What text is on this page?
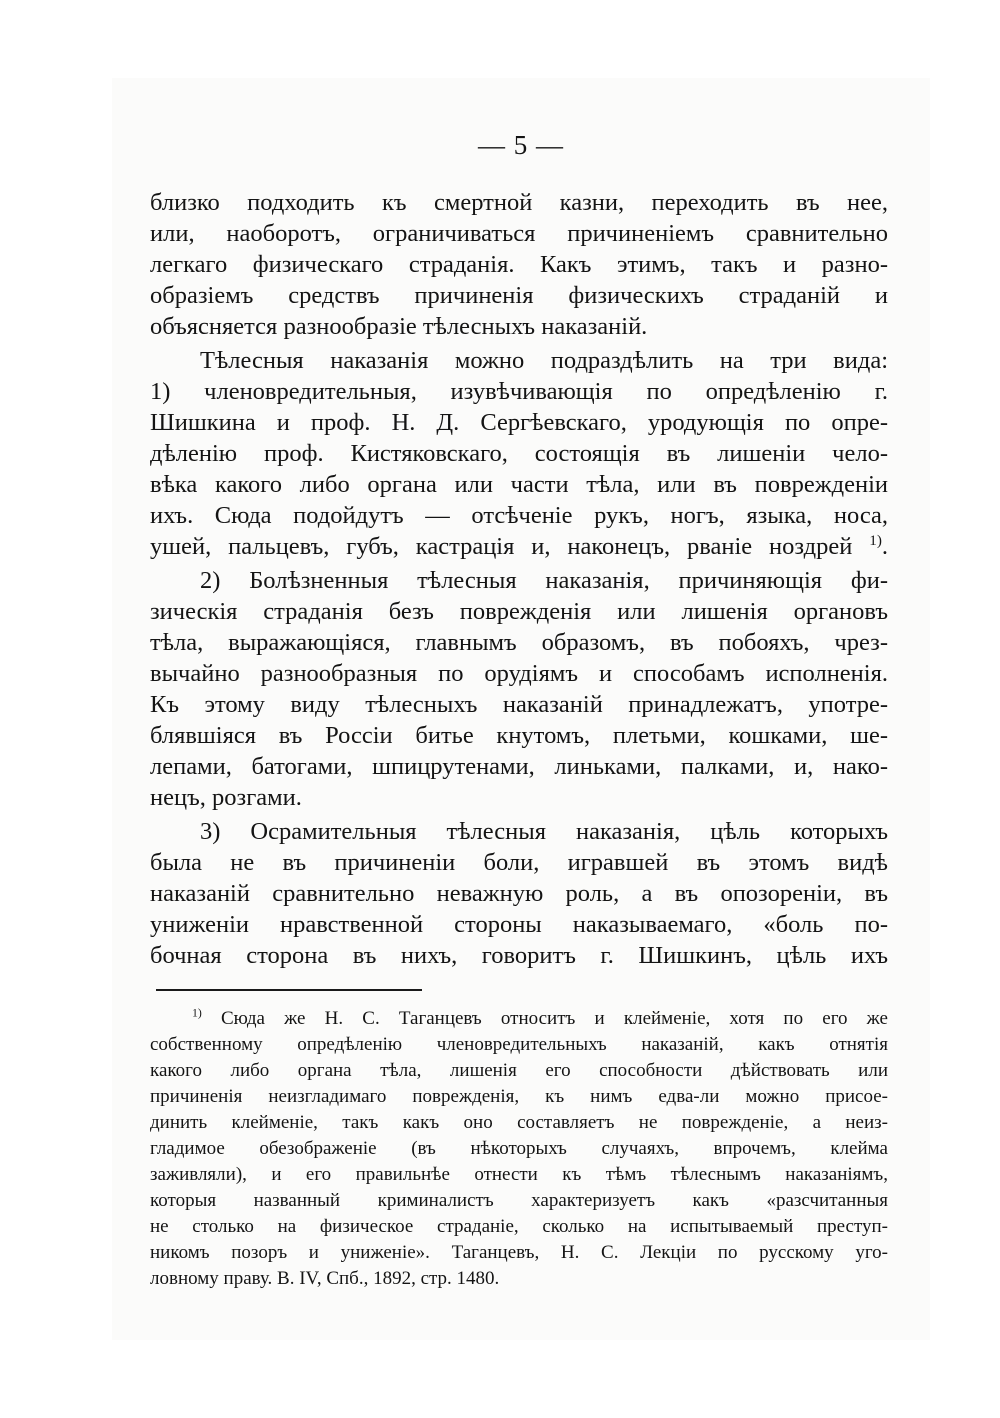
— 5 —
близко подходить къ смертной казни, переходить въ нее,
или, наоборотъ, ограничиваться причиненіемъ сравнительно
легкаго физическаго страданія. Какъ этимъ, такъ и разно-
образіемъ средствъ причиненія физическихъ страданій и
объясняется разнообразіе тѣлесныхъ наказаній.
Тѣлесныя наказанія можно подраздѣлить на три вида:
1) членовредительныя, изувѣчивающія по опредѣленію г.
Шишкина и проф. Н. Д. Сергѣевскаго, уродующія по опре-
дѣленію проф. Кистяковскаго, состоящія въ лишеніи чело-
вѣка какого либо органа или части тѣла, или въ поврежденіи
ихъ. Сюда подойдутъ — отсѣченіе рукъ, ногъ, языка, носа,
ушей, пальцевъ, губъ, кастрація и, наконецъ, рваніе ноздрей $^{1)}$.
2) Болѣзненныя тѣлесныя наказанія, причиняющія фи-
зическія страданія безъ поврежденія или лишенія органовъ
тѣла, выражающіяся, главнымъ образомъ, въ побояхъ, чрез-
вычайно разнообразныя по орудіямъ и способамъ исполненія.
Къ этому виду тѣлесныхъ наказаній принадлежатъ, употре-
блявшіяся въ Россіи битье кнутомъ, плетьми, кошками, ше-
лепами, батогами, шпицрутенами, линьками, палками, и, нако-
нецъ, розгами.
3) Осрамительныя тѣлесныя наказанія, цѣль которыхъ
была не въ причиненіи боли, игравшей въ этомъ видѣ
наказаній сравнительно неважную роль, а въ опозореніи, въ
униженіи нравственной стороны наказываемаго, «боль по-
бочная сторона въ нихъ, говоритъ г. Шишкинъ, цѣль ихъ
$^{1)}$ Сюда же Н. С. Таганцевъ относитъ и клейменіе, хотя по его же
собственному опредѣленію членовредительныхъ наказаній, какъ отнятія
какого либо органа тѣла, лишенія его способности дѣйствовать или
причиненія неизгладимаго поврежденія, къ нимъ едва-ли можно присое-
динить клейменіе, такъ какъ оно составляетъ не поврежденіе, а неиз-
гладимое обезображеніе (въ нѣкоторыхъ случаяхъ, впрочемъ, клейма
заживляли), и его правильнѣе отнести къ тѣмъ тѣлеснымъ наказаніямъ,
которыя названный криминалистъ характеризуетъ какъ «разсчитанныя
не столько на физическое страданіе, сколько на испытываемый преступ-
никомъ позоръ и униженіе». Таганцевъ, Н. С. Лекціи по русскому уго-
ловному праву. В. IV, Спб., 1892, стр. 1480.
